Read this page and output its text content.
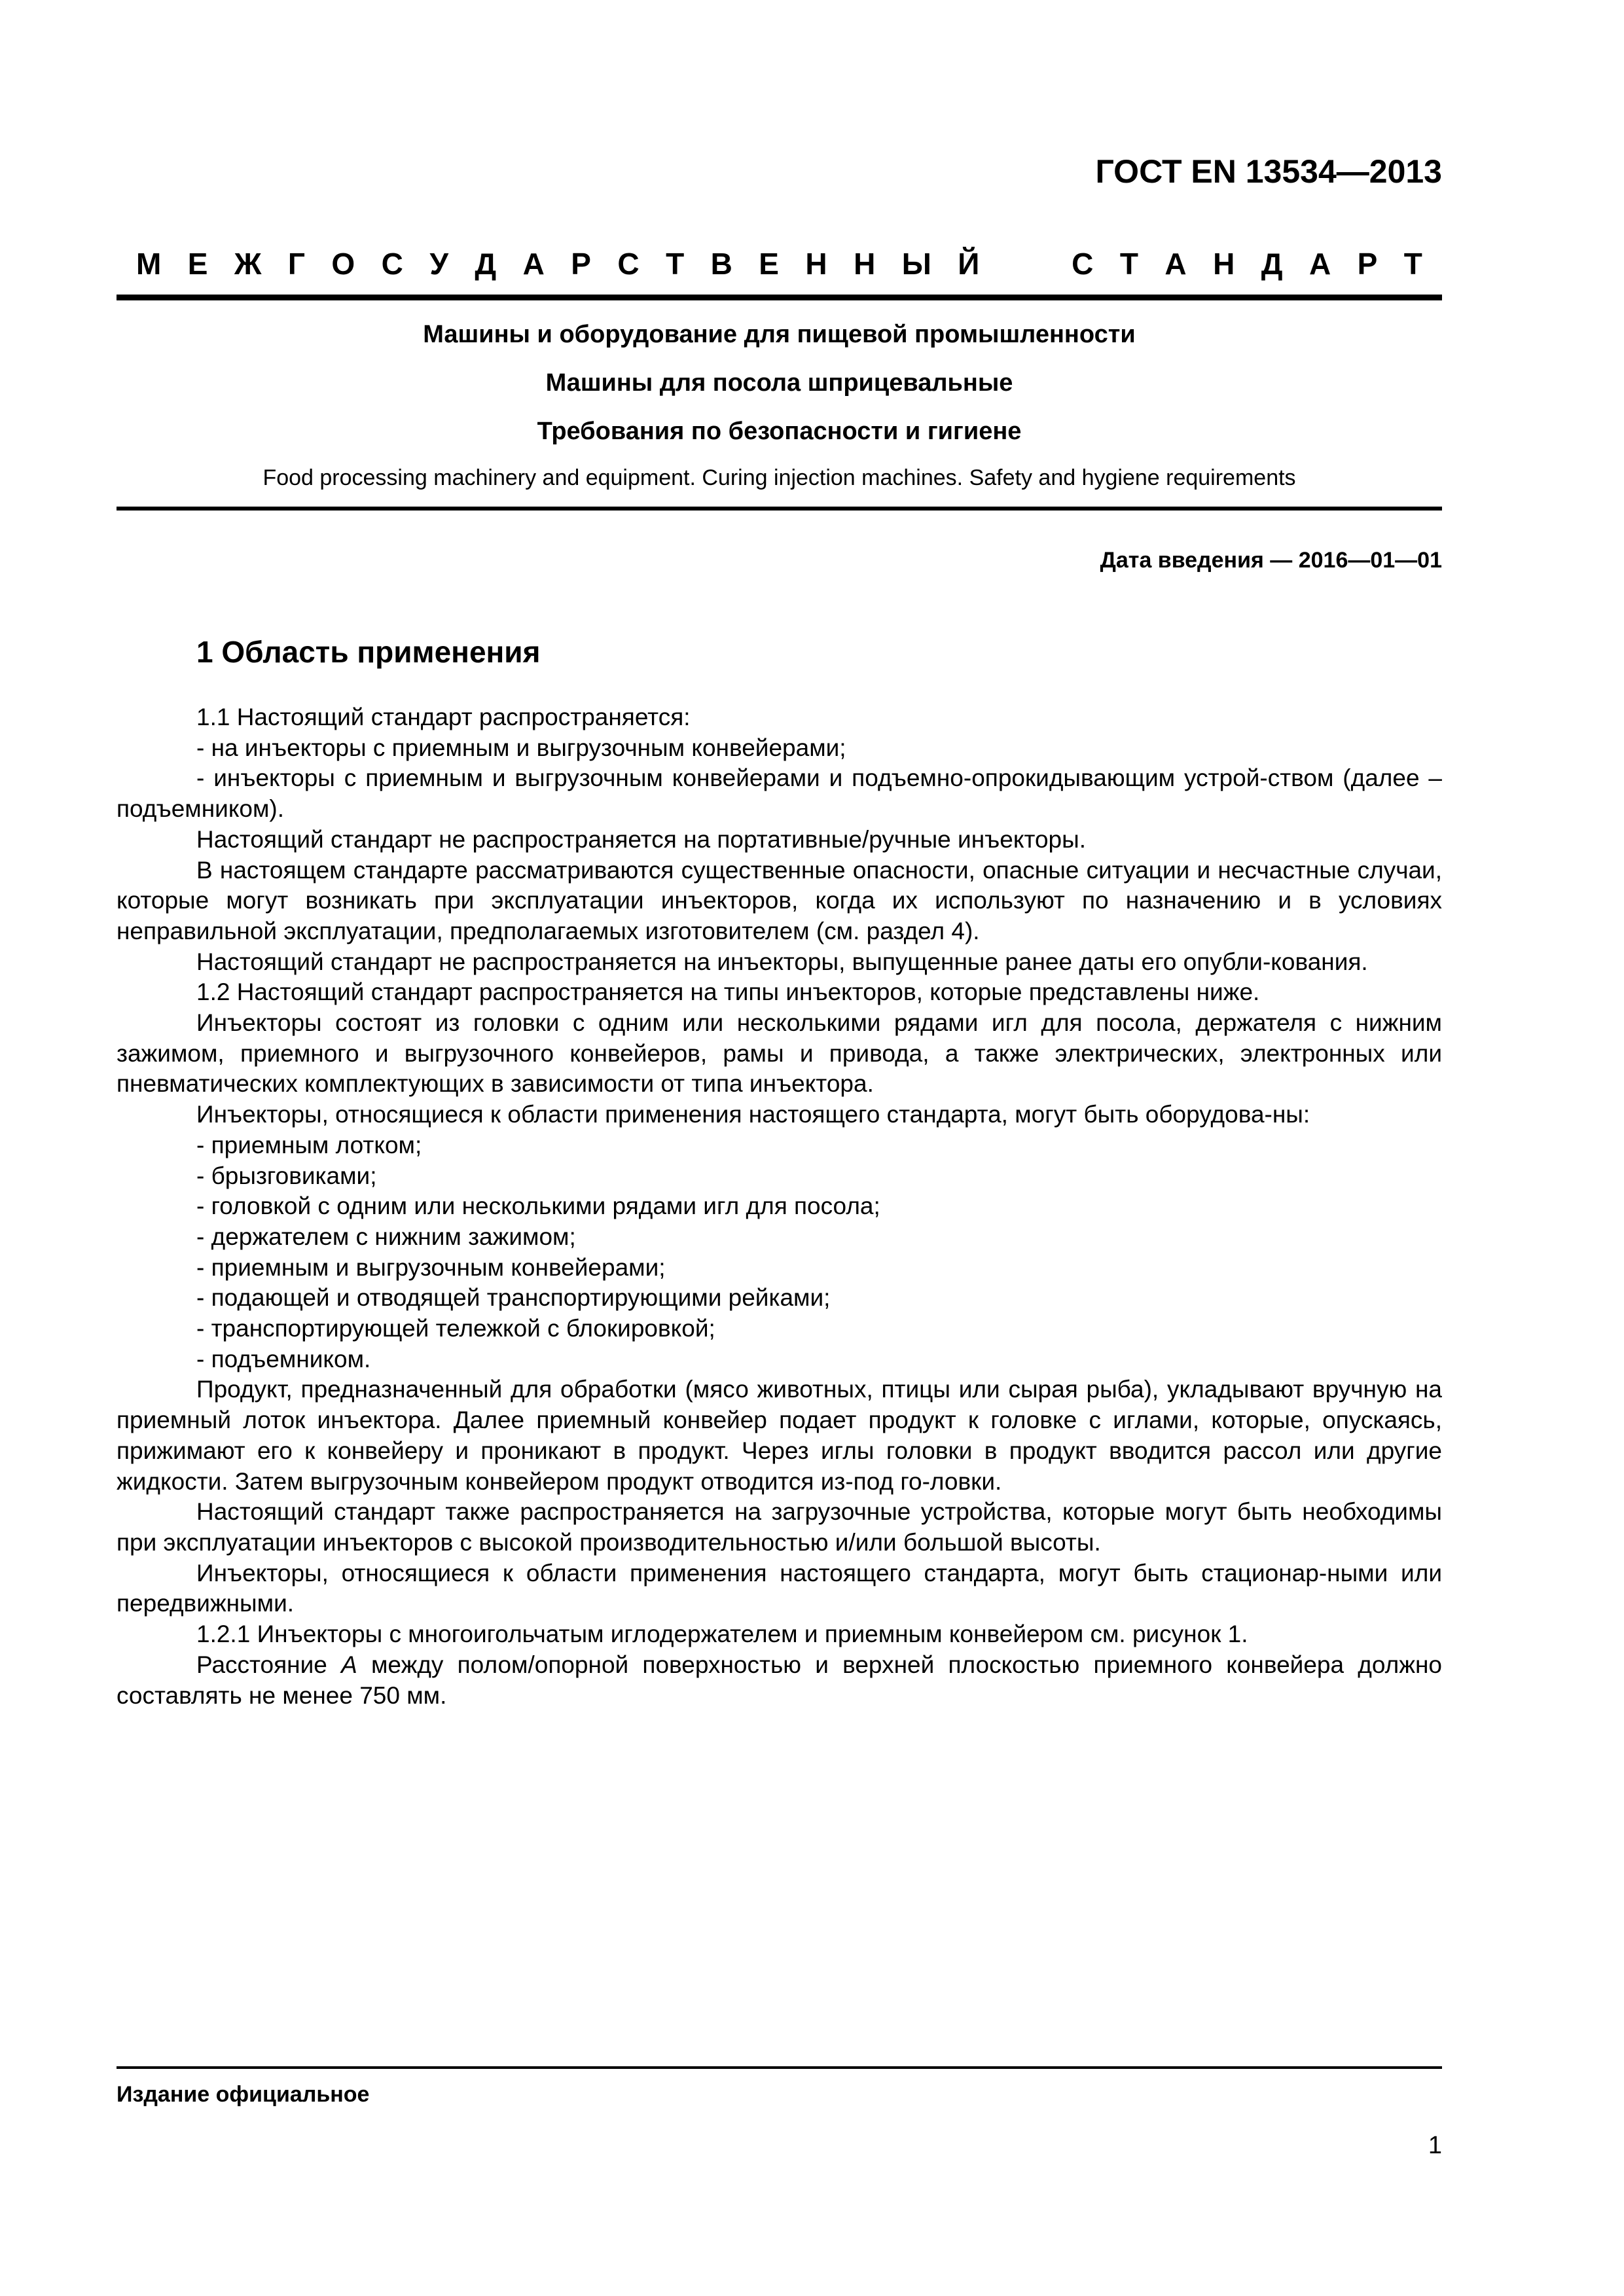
ГОСТ EN 13534—2013
М Е Ж Г О С У Д А Р С Т В Е Н Н Ы Й	С Т А Н Д А Р Т
Машины и оборудование для пищевой промышленности
Машины для посола шприцевальные
Требования по безопасности и гигиене
Food processing machinery and equipment. Curing injection machines. Safety and hygiene requirements
Дата введения — 2016—01—01
1 Область применения

1.1 Настоящий стандарт распространяется:

- на инъекторы с приемным и выгрузочным конвейерами;

- инъекторы с приемным и выгрузочным конвейерами и подъемно-опрокидывающим устрой-ством (далее – подъемником).

Настоящий стандарт не распространяется на портативные/ручные инъекторы.

В настоящем стандарте рассматриваются существенные опасности, опасные ситуации и несчастные случаи, которые могут возникать при эксплуатации инъекторов, когда их используют по назначению и в условиях неправильной эксплуатации, предполагаемых изготовителем (см. раздел 4).

Настоящий стандарт не распространяется на инъекторы, выпущенные ранее даты его опубли-кования.

1.2 Настоящий стандарт распространяется на типы инъекторов, которые представлены ниже.

Инъекторы состоят из головки с одним или несколькими рядами игл для посола, держателя с нижним зажимом, приемного и выгрузочного конвейеров, рамы и привода, а также электрических, электронных или пневматических комплектующих в зависимости от типа инъектора.

Инъекторы, относящиеся к области применения настоящего стандарта, могут быть оборудова-ны:

- приемным лотком;

- брызговиками;

- головкой с одним или несколькими рядами игл для посола;

- держателем с нижним зажимом;

- приемным и выгрузочным конвейерами;

- подающей и отводящей транспортирующими рейками;

- транспортирующей тележкой с блокировкой;

- подъемником.

Продукт, предназначенный для обработки (мясо животных, птицы или сырая рыба), укладывают вручную на приемный лоток инъектора. Далее приемный конвейер подает продукт к головке с иглами, которые, опускаясь, прижимают его к конвейеру и проникают в продукт. Через иглы головки в продукт вводится рассол или другие жидкости. Затем выгрузочным конвейером продукт отводится из-под го-ловки.

Настоящий стандарт также распространяется на загрузочные устройства, которые могут быть необходимы при эксплуатации инъекторов с высокой производительностью и/или большой высоты.

Инъекторы, относящиеся к области применения настоящего стандарта, могут быть стационар-ными или передвижными.

1.2.1 Инъекторы с многоигольчатым иглодержателем и приемным конвейером см. рисунок 1.

Расстояние А между полом/опорной поверхностью и верхней плоскостью приемного конвейера должно составлять не менее 750 мм.

Издание официальное
1
